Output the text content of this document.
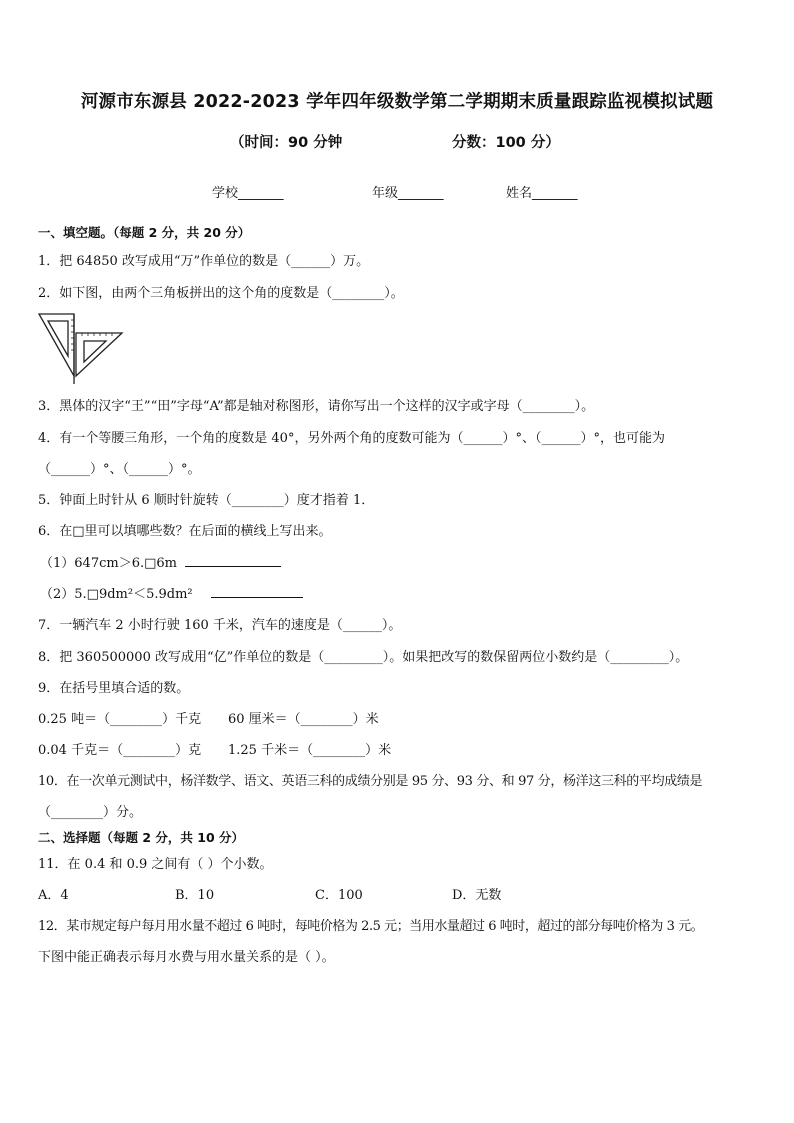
河源市东源县 2022-2023 学年四年级数学第二学期期末质量跟踪监视模拟试题
（时间：90 分钟	分数：100 分）
学校_______	年级_______	姓名_______
一、填空题。（每题 2 分，共 20 分）
1．把 64850 改写成用“万”作单位的数是（______）万。
2．如下图，由两个三角板拼出的这个角的度数是（________）。
3．黑体的汉字“王”“田”字母“A”都是轴对称图形，请你写出一个这样的汉字或字母（________）。
4．有一个等腰三角形，一个角的度数是 40°，另外两个角的度数可能为（______）°、（______）°，也可能为
（______）°、（______）°。
5．钟面上时针从 6 顺时针旋转（________）度才指着 1．
6．在□里可以填哪些数？在后面的横线上写出来。
（1）647cm＞6.□6m
（2）5.□9dm²＜5.9dm²
7．一辆汽车 2 小时行驶 160 千米，汽车的速度是（______）。
8．把 360500000 改写成用“亿”作单位的数是（_________）。如果把改写的数保留两位小数约是（_________）。
9．在括号里填合适的数。
0.25 吨＝（________）千克 60 厘米＝（________）米
0.04 千克＝（________）克 1.25 千米＝（________）米
10．在一次单元测试中，杨洋数学、语文、英语三科的成绩分别是 95 分、93 分、和 97 分，杨洋这三科的平均成绩是
（________）分。
二、选择题（每题 2 分，共 10 分）
11．在 0.4 和 0.9 之间有（ ）个小数。
A．4	B．10	C．100	D．无数
12．某市规定每户每月用水量不超过 6 吨时，每吨价格为 2.5 元；当用水量超过 6 吨时，超过的部分每吨价格为 3 元。
下图中能正确表示每月水费与用水量关系的是（ ）。
